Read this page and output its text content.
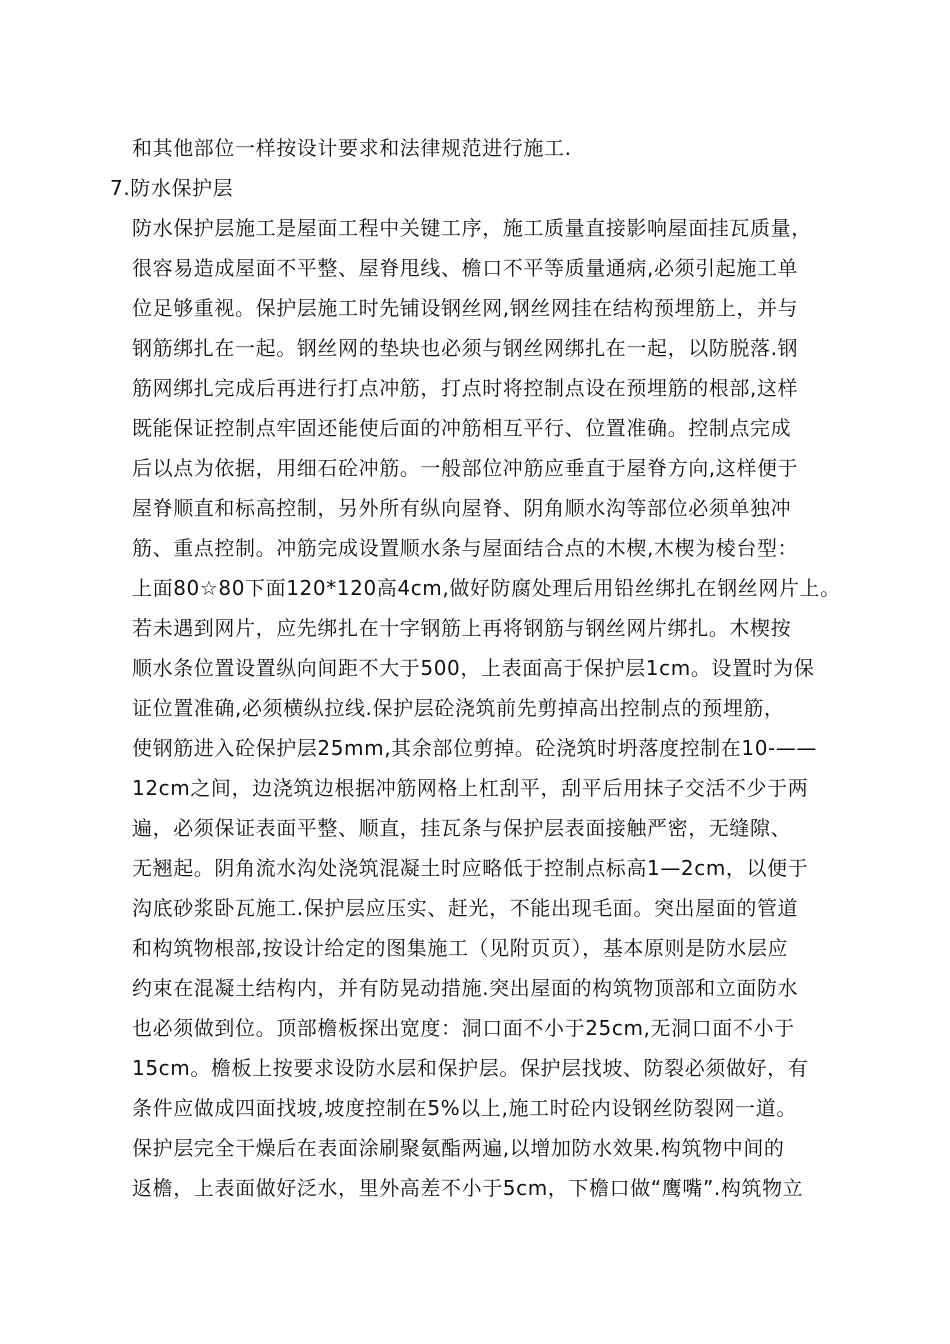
和其他部位一样按设计要求和法律规范进行施工.
7.防水保护层
防水保护层施工是屋面工程中关键工序，施工质量直接影响屋面挂瓦质量，
很容易造成屋面不平整、屋脊甩线、檐口不平等质量通病,必须引起施工单
位足够重视。保护层施工时先铺设钢丝网,钢丝网挂在结构预埋筋上，并与
钢筋绑扎在一起。钢丝网的垫块也必须与钢丝网绑扎在一起，以防脱落.钢
筋网绑扎完成后再进行打点冲筋，打点时将控制点设在预埋筋的根部,这样
既能保证控制点牢固还能使后面的冲筋相互平行、位置准确。控制点完成
后以点为依据，用细石砼冲筋。一般部位冲筋应垂直于屋脊方向,这样便于
屋脊顺直和标高控制，另外所有纵向屋脊、阴角顺水沟等部位必须单独冲
筋、重点控制。冲筋完成设置顺水条与屋面结合点的木楔,木楔为棱台型：
上面80☆80下面120*120高4cm,做好防腐处理后用铅丝绑扎在钢丝网片上。
若未遇到网片，应先绑扎在十字钢筋上再将钢筋与钢丝网片绑扎。木楔按
顺水条位置设置纵向间距不大于500，上表面高于保护层1cm。设置时为保
证位置准确,必须横纵拉线.保护层砼浇筑前先剪掉高出控制点的预埋筋，
使钢筋进入砼保护层25mm,其余部位剪掉。砼浇筑时坍落度控制在10-——
12cm之间，边浇筑边根据冲筋网格上杠刮平，刮平后用抹子交活不少于两
遍，必须保证表面平整、顺直，挂瓦条与保护层表面接触严密，无缝隙、
无翘起。阴角流水沟处浇筑混凝土时应略低于控制点标高1—2cm，以便于
沟底砂浆卧瓦施工.保护层应压实、赶光，不能出现毛面。突出屋面的管道
和构筑物根部,按设计给定的图集施工（见附页页），基本原则是防水层应
约束在混凝土结构内，并有防晃动措施.突出屋面的构筑物顶部和立面防水
也必须做到位。顶部檐板探出宽度：洞口面不小于25cm,无洞口面不小于
15cm。檐板上按要求设防水层和保护层。保护层找坡、防裂必须做好，有
条件应做成四面找坡,坡度控制在5%以上,施工时砼内设钢丝防裂网一道。
保护层完全干燥后在表面涂刷聚氨酯两遍,以增加防水效果.构筑物中间的
返檐，上表面做好泛水，里外高差不小于5cm，下檐口做“鹰嘴”.构筑物立
